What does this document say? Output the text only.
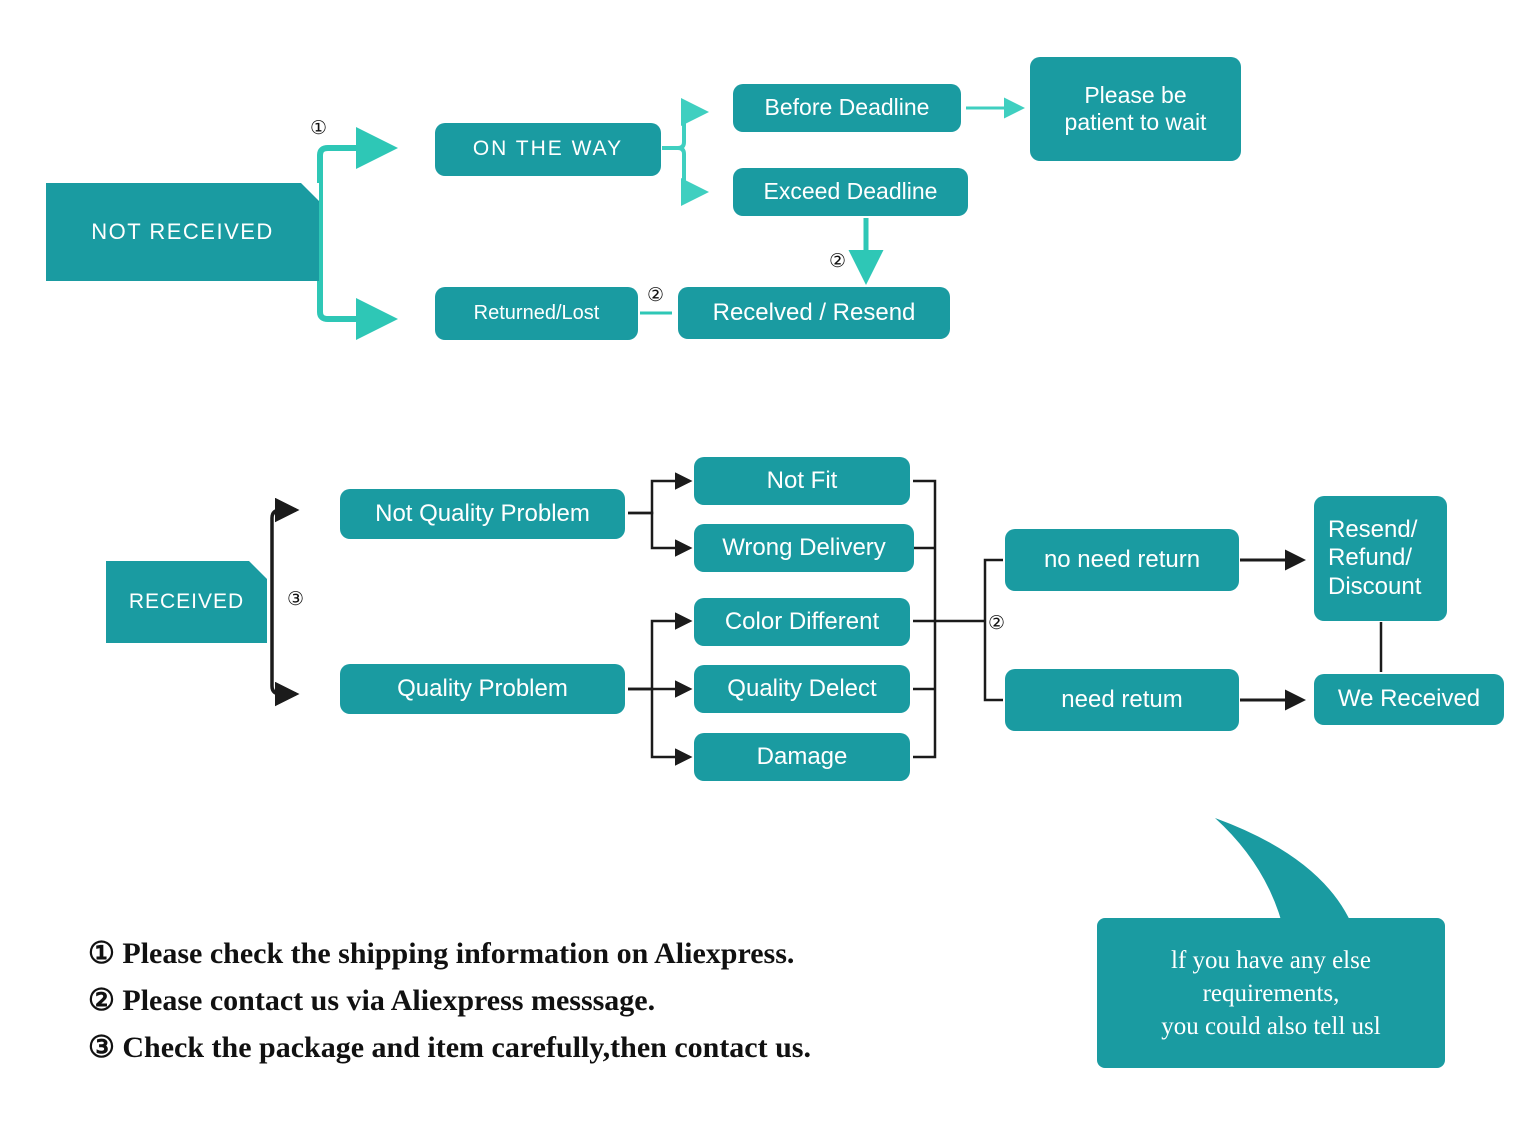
NOT RECEIVED
①
ON THE WAY
Before Deadline
Exceed Deadline
Please be
patient to wait
Returned/Lost
②
②
Recelved / Resend
RECEIVED ③
Not Quality Problem
Quality Problem
Not Fit
Wrong Delivery
Color Different
Quality Delect
Damage
②
no need return
need retum
Resend/
Refund/
Discount
We Received
① Please check the shipping information on Aliexpress.
② Please contact us via Aliexpress messsage.
③ Check the package and item carefully,then contact us.
lf you have any else
requirements,
you could also tell usl
